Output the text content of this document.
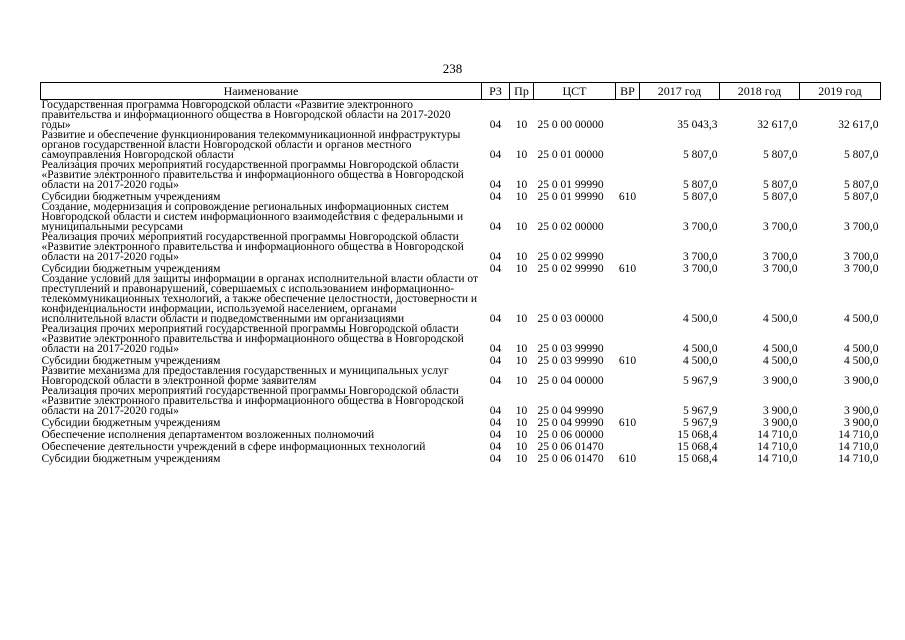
238
Наименование	РЗ	Пр	ЦСТ	ВР	2017 год	2018 год	2019 год
Государственная программа Новгородской области «Развитие электронного правительства и информационного общества в Новгородской области на 2017-2020 годы»	04	10	25 0 00 00000		35 043,3	32 617,0	32 617,0
Развитие и обеспечение функционирования телекоммуникационной инфраструктуры органов государственной власти Новгородской области и органов местного самоуправления Новгородской области	04	10	25 0 01 00000		5 807,0	5 807,0	5 807,0
Реализация прочих мероприятий государственной программы Новгородской области «Развитие электронного правительства и информационного общества в Новгородской области на 2017-2020 годы»	04	10	25 0 01 99990		5 807,0	5 807,0	5 807,0
Субсидии бюджетным учреждениям	04	10	25 0 01 99990	610	5 807,0	5 807,0	5 807,0
Создание, модернизация и сопровождение региональных информационных систем Новгородской области и систем информационного взаимодействия с федеральными и муниципальными ресурсами	04	10	25 0 02 00000		3 700,0	3 700,0	3 700,0
Реализация прочих мероприятий государственной программы Новгородской области «Развитие электронного правительства и информационного общества в Новгородской области на 2017-2020 годы»	04	10	25 0 02 99990		3 700,0	3 700,0	3 700,0
Субсидии бюджетным учреждениям	04	10	25 0 02 99990	610	3 700,0	3 700,0	3 700,0
Создание условий для защиты информации в органах исполнительной власти области от преступлений и правонарушений, совершаемых с использованием информационно-телекоммуникационных технологий, а также обеспечение целостности, достоверности и конфиденциальности информации, используемой населением, органами исполнительной власти области и подведомственными им организациями	04	10	25 0 03 00000		4 500,0	4 500,0	4 500,0
Реализация прочих мероприятий государственной программы Новгородской области «Развитие электронного правительства и информационного общества в Новгородской области на 2017-2020 годы»	04	10	25 0 03 99990		4 500,0	4 500,0	4 500,0
Субсидии бюджетным учреждениям	04	10	25 0 03 99990	610	4 500,0	4 500,0	4 500,0
Развитие механизма для предоставления государственных и муниципальных услуг Новгородской области в электронной форме заявителям	04	10	25 0 04 00000		5 967,9	3 900,0	3 900,0
Реализация прочих мероприятий государственной программы Новгородской области «Развитие электронного правительства и информационного общества в Новгородской области на 2017-2020 годы»	04	10	25 0 04 99990		5 967,9	3 900,0	3 900,0
Субсидии бюджетным учреждениям	04	10	25 0 04 99990	610	5 967,9	3 900,0	3 900,0
Обеспечение исполнения департаментом возложенных полномочий	04	10	25 0 06 00000		15 068,4	14 710,0	14 710,0
Обеспечение деятельности учреждений в сфере информационных технологий	04	10	25 0 06 01470		15 068,4	14 710,0	14 710,0
Субсидии бюджетным учреждениям	04	10	25 0 06 01470	610	15 068,4	14 710,0	14 710,0
